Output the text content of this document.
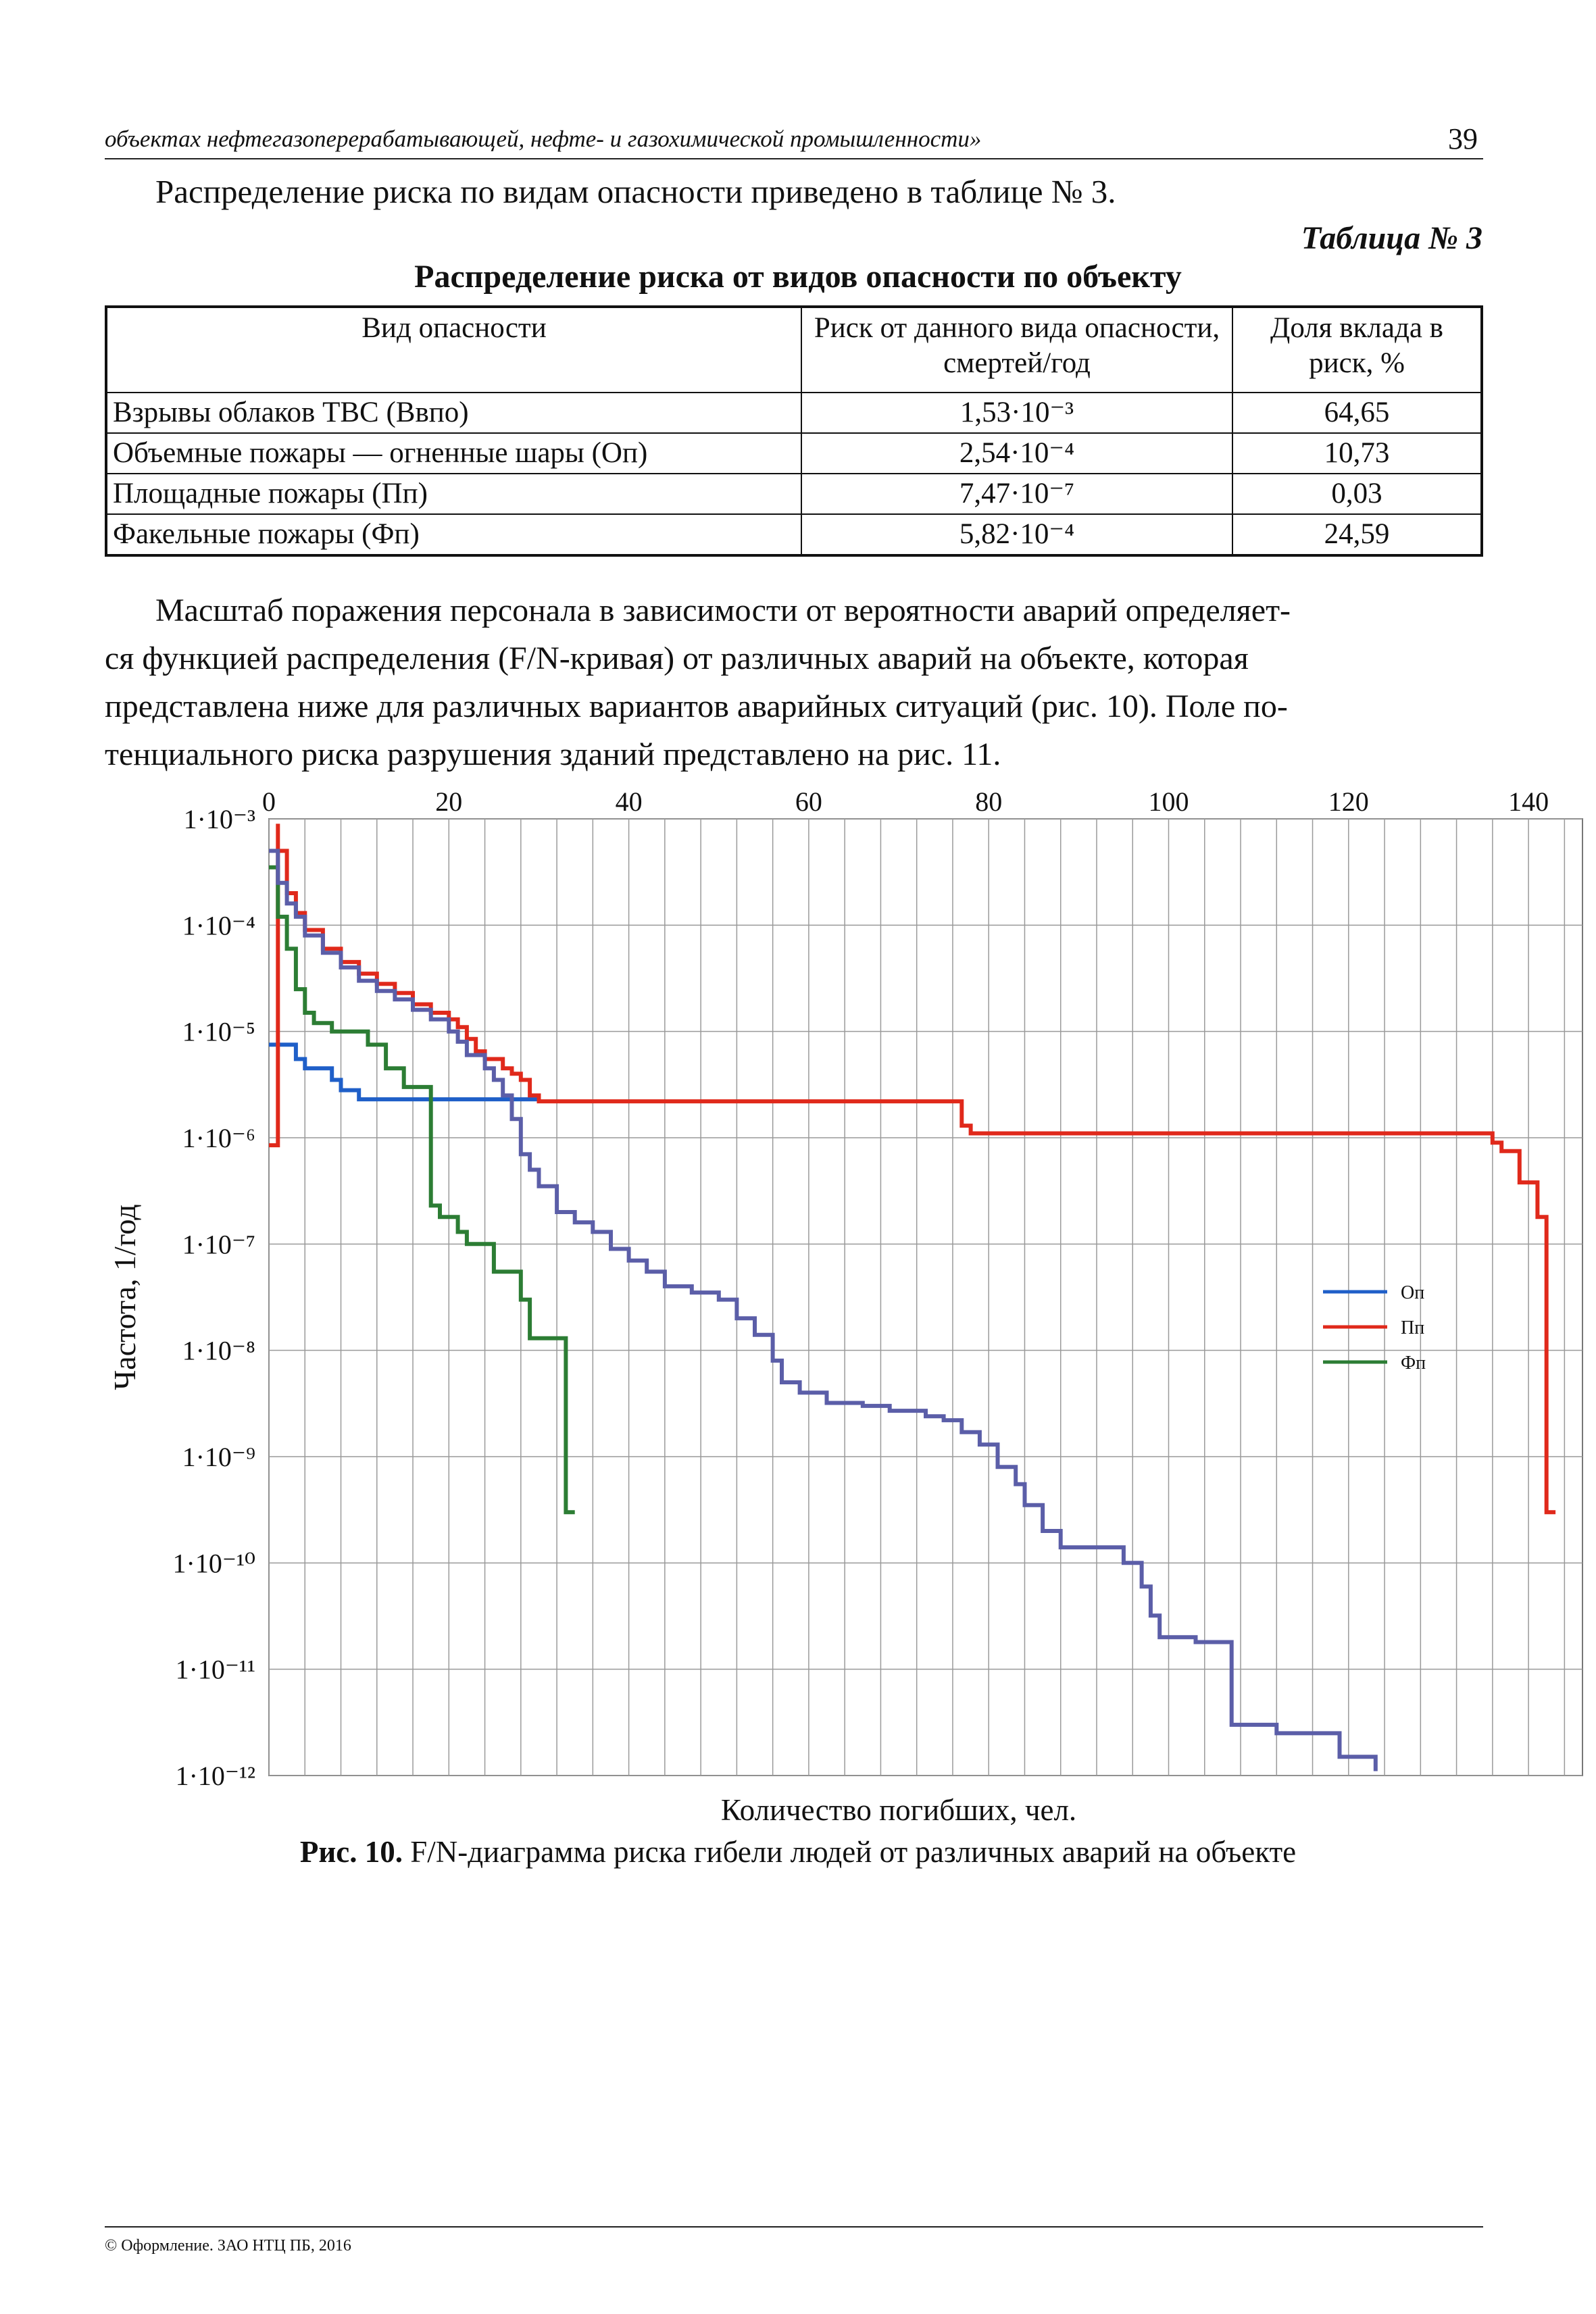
объектах нефтегазоперерабатывающей, нефте- и газохимической промышленности»	39
Распределение риска по видам опасности приведено в таблице № 3.
Таблица № 3
Распределение риска от видов опасности по объекту
Вид опасности	Риск от данного вида опасности, смертей/год	Доля вклада в риск, %
Взрывы облаков ТВС (Ввпо)	1,53·10⁻³	64,65
Объемные пожары — огненные шары (Оп)	2,54·10⁻⁴	10,73
Площадные пожары (Пп)	7,47·10⁻⁷	0,03
Факельные пожары (Фп)	5,82·10⁻⁴	24,59
Масштаб поражения персонала в зависимости от вероятности аварий определяет-
ся функцией распределения (F/N-кривая) от различных аварий на объекте, которая
представлена ниже для различных вариантов аварийных ситуаций (рис. 10). Поле по-
тенциального риска разрушения зданий представлено на рис. 11.
1·10⁻³
1·10⁻⁴
1·10⁻⁵
1·10⁻⁶
1·10⁻⁷
1·10⁻⁸
1·10⁻⁹
1·10⁻¹⁰
1·10⁻¹¹
1·10⁻¹²
0	20	40	60	80	100	120	140
Оп
Пп
Фп
Количество погибших, чел.
Частота, 1/год
Рис. 10. F/N-диаграмма риска гибели людей от различных аварий на объекте
© Оформление. ЗАО НТЦ ПБ, 2016
